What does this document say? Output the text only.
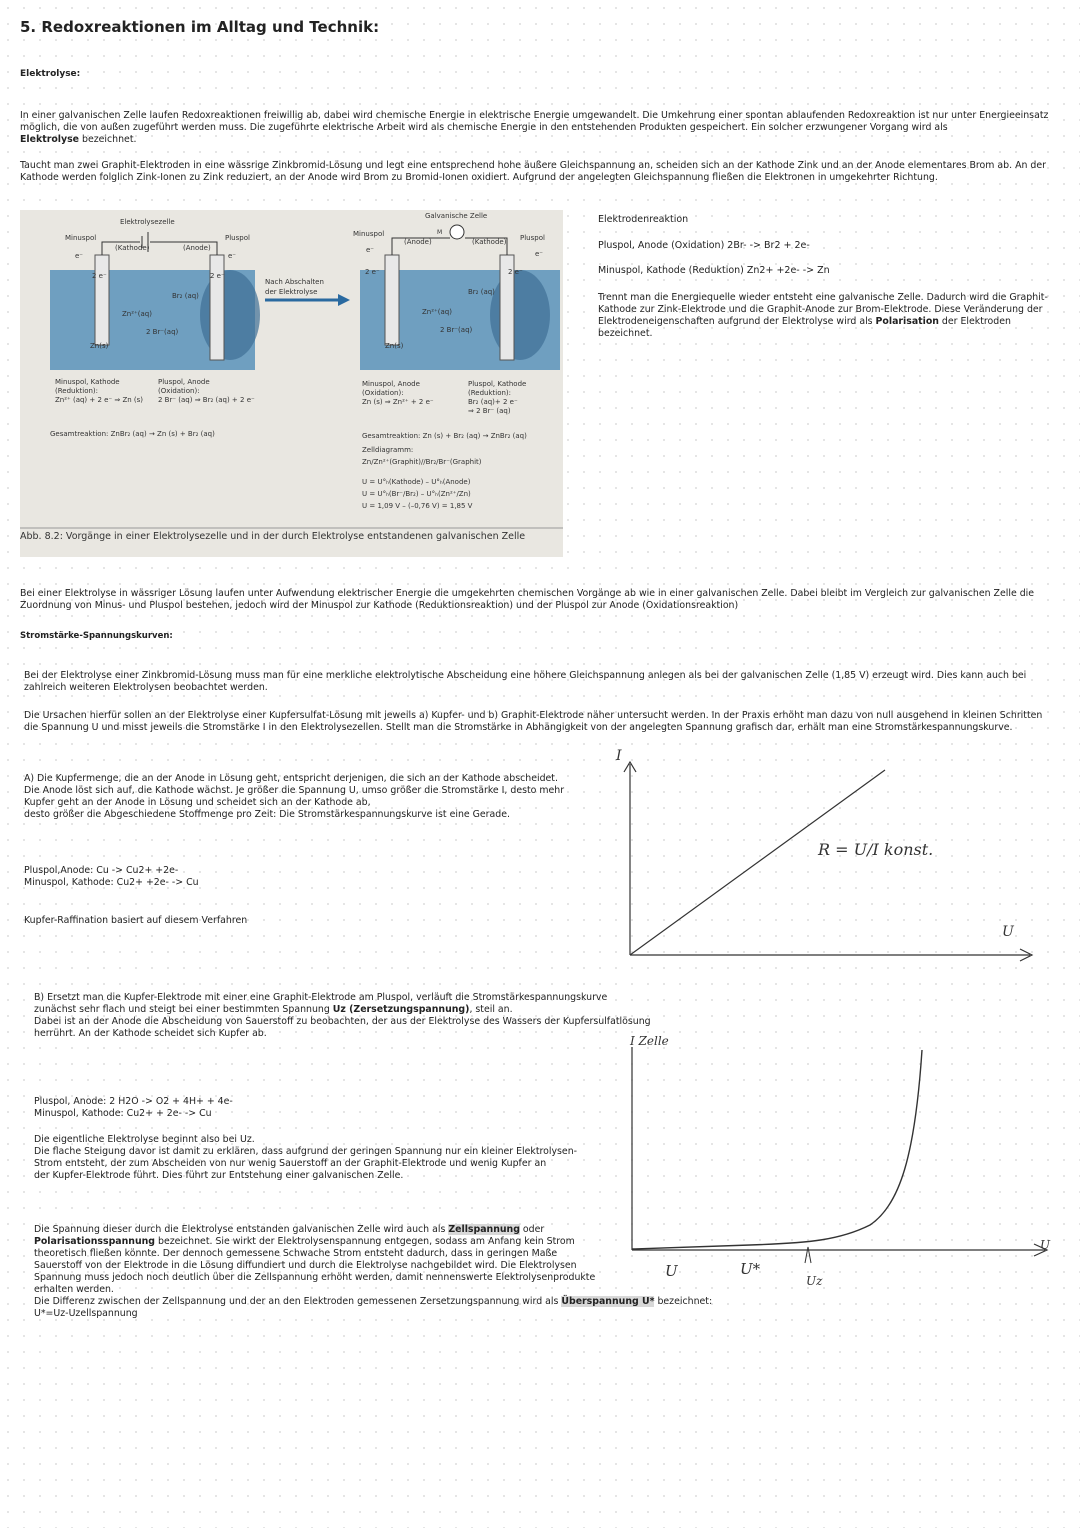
5. Redoxreaktionen im Alltag und Technik:
Elektrolyse:
In einer galvanischen Zelle laufen Redoxreaktionen freiwillig ab, dabei wird chemische Energie in elektrische Energie umgewandelt. Die Umkehrung einer spontan ablaufenden Redoxreaktion ist nur unter Energieeinsatz
möglich, die von außen zugeführt werden muss. Die zugeführte elektrische Arbeit wird als chemische Energie in den entstehenden Produkten gespeichert. Ein solcher erzwungener Vorgang wird als
Elektrolyse bezeichnet.
Taucht man zwei Graphit-Elektroden in eine wässrige Zinkbromid-Lösung und legt eine entsprechend hohe äußere Gleichspannung an, scheiden sich an der Kathode Zink und an der Anode elementares Brom ab. An der
Kathode werden folglich Zink-Ionen zu Zink reduziert, an der Anode wird Brom zu Bromid-Ionen oxidiert. Aufgrund der angelegten Gleichspannung fließen die Elektronen in umgekehrter Richtung.
Elektrolysezelle
Galvanische Zelle
M
Minuspol	Pluspol
(Kathode)	(Anode)
Minuspol
(Anode)	(Kathode) Pluspol
e⁻	e⁻
e⁻	e⁻
2 e⁻	2 e⁻	2 e⁻	2 e⁻
Br₂ (aq)	Br₂ (aq)
Zn²⁺(aq)	Zn²⁺(aq)
2 Br⁻(aq)	2 Br⁻(aq)
Zn(s)	Zn(s)
Nach Abschalten
der Elektrolyse
Minuspol, Kathode
(Reduktion):
Zn²⁺ (aq) + 2 e⁻ ⇒ Zn (s)
Pluspol, Anode
(Oxidation):
2 Br⁻ (aq) ⇒ Br₂ (aq) + 2 e⁻
Gesamtreaktion: ZnBr₂ (aq) → Zn (s) + Br₂ (aq)
Minuspol, Anode
(Oxidation):
Zn (s) ⇒ Zn²⁺ + 2 e⁻
Pluspol, Kathode
(Reduktion):
Br₂ (aq)+ 2 e⁻
⇒ 2 Br⁻ (aq)
Gesamtreaktion: Zn (s) + Br₂ (aq) → ZnBr₂ (aq)
Zelldiagramm:
Zn/Zn²⁺(Graphit)//Br₂/Br⁻(Graphit)
U = U°ₕ(Kathode) – U°ₕ(Anode)
U = U°ₕ(Br⁻/Br₂) – U°ₕ(Zn²⁺/Zn)
U = 1,09 V – (–0,76 V) = 1,85 V
Abb. 8.2: Vorgänge in einer Elektrolysezelle und in der durch Elektrolyse entstandenen galvanischen Zelle
Elektrodenreaktion
Pluspol, Anode (Oxidation) 2Br- -> Br2 + 2e-
Minuspol, Kathode (Reduktion) Zn2+ +2e- -> Zn
Trennt man die Energiequelle wieder entsteht eine galvanische Zelle. Dadurch wird die Graphit-
Kathode zur Zink-Elektrode und die Graphit-Anode zur Brom-Elektrode. Diese Veränderung der
Elektrodeneigenschaften aufgrund der Elektrolyse wird als Polarisation der Elektroden
bezeichnet.
Bei einer Elektrolyse in wässriger Lösung laufen unter Aufwendung elektrischer Energie die umgekehrten chemischen Vorgänge ab wie in einer galvanischen Zelle. Dabei bleibt im Vergleich zur galvanischen Zelle die
Zuordnung von Minus- und Pluspol bestehen, jedoch wird der Minuspol zur Kathode (Reduktionsreaktion) und der Pluspol zur Anode (Oxidationsreaktion)
Stromstärke-Spannungskurven:
Bei der Elektrolyse einer Zinkbromid-Lösung muss man für eine merkliche elektrolytische Abscheidung eine höhere Gleichspannung anlegen als bei der galvanischen Zelle (1,85 V) erzeugt wird. Dies kann auch bei
zahlreich weiteren Elektrolysen beobachtet werden.
Die Ursachen hierfür sollen an der Elektrolyse einer Kupfersulfat-Lösung mit jeweils a) Kupfer- und b) Graphit-Elektrode näher untersucht werden. In der Praxis erhöht man dazu von null ausgehend in kleinen Schritten
die Spannung U und misst jeweils die Stromstärke I in den Elektrolysezellen. Stellt man die Stromstärke in Abhängigkeit von der angelegten Spannung grafisch dar, erhält man eine Stromstärkespannungskurve.
A) Die Kupfermenge, die an der Anode in Lösung geht, entspricht derjenigen, die sich an der Kathode abscheidet.
Die Anode löst sich auf, die Kathode wächst. Je größer die Spannung U, umso größer die Stromstärke I, desto mehr
Kupfer geht an der Anode in Lösung und scheidet sich an der Kathode ab,
desto größer die Abgeschiedene Stoffmenge pro Zeit: Die Stromstärkespannungskurve ist eine Gerade.
Pluspol,Anode: Cu -> Cu2+ +2e-
Minuspol, Kathode: Cu2+ +2e- -> Cu
Kupfer-Raffination basiert auf diesem Verfahren
I
U
R = U/I konst.
B) Ersetzt man die Kupfer-Elektrode mit einer eine Graphit-Elektrode am Pluspol, verläuft die Stromstärkespannungskurve
zunächst sehr flach und steigt bei einer bestimmten Spannung Uz (Zersetzungspannung), steil an.
Dabei ist an der Anode die Abscheidung von Sauerstoff zu beobachten, der aus der Elektrolyse des Wassers der Kupfersulfatlösung
herrührt. An der Kathode scheidet sich Kupfer ab.
Pluspol, Anode: 2 H2O -> O2 + 4H+ + 4e-
Minuspol, Kathode: Cu2+ + 2e- -> Cu
Die eigentliche Elektrolyse beginnt also bei Uz.
Die flache Steigung davor ist damit zu erklären, dass aufgrund der geringen Spannung nur ein kleiner Elektrolysen-
Strom entsteht, der zum Abscheiden von nur wenig Sauerstoff an der Graphit-Elektrode und wenig Kupfer an
der Kupfer-Elektrode führt. Dies führt zur Entstehung einer galvanischen Zelle.
Die Spannung dieser durch die Elektrolyse entstanden galvanischen Zelle wird auch als Zellspannung oder
Polarisationsspannung bezeichnet. Sie wirkt der Elektrolysenspannung entgegen, sodass am Anfang kein Strom
theoretisch fließen könnte. Der dennoch gemessene Schwache Strom entsteht dadurch, dass in geringen Maße
Sauerstoff von der Elektrode in die Lösung diffundiert und durch die Elektrolyse nachgebildet wird. Die Elektrolysen
Spannung muss jedoch noch deutlich über die Zellspannung erhöht werden, damit nennenswerte Elektrolysenprodukte
erhalten werden.
Die Differenz zwischen der Zellspannung und der an den Elektroden gemessenen Zersetzungspannung wird als Überspannung U* bezeichnet:
U*=Uz-Uzellspannung
I Zelle
U
U	U*
Uz
